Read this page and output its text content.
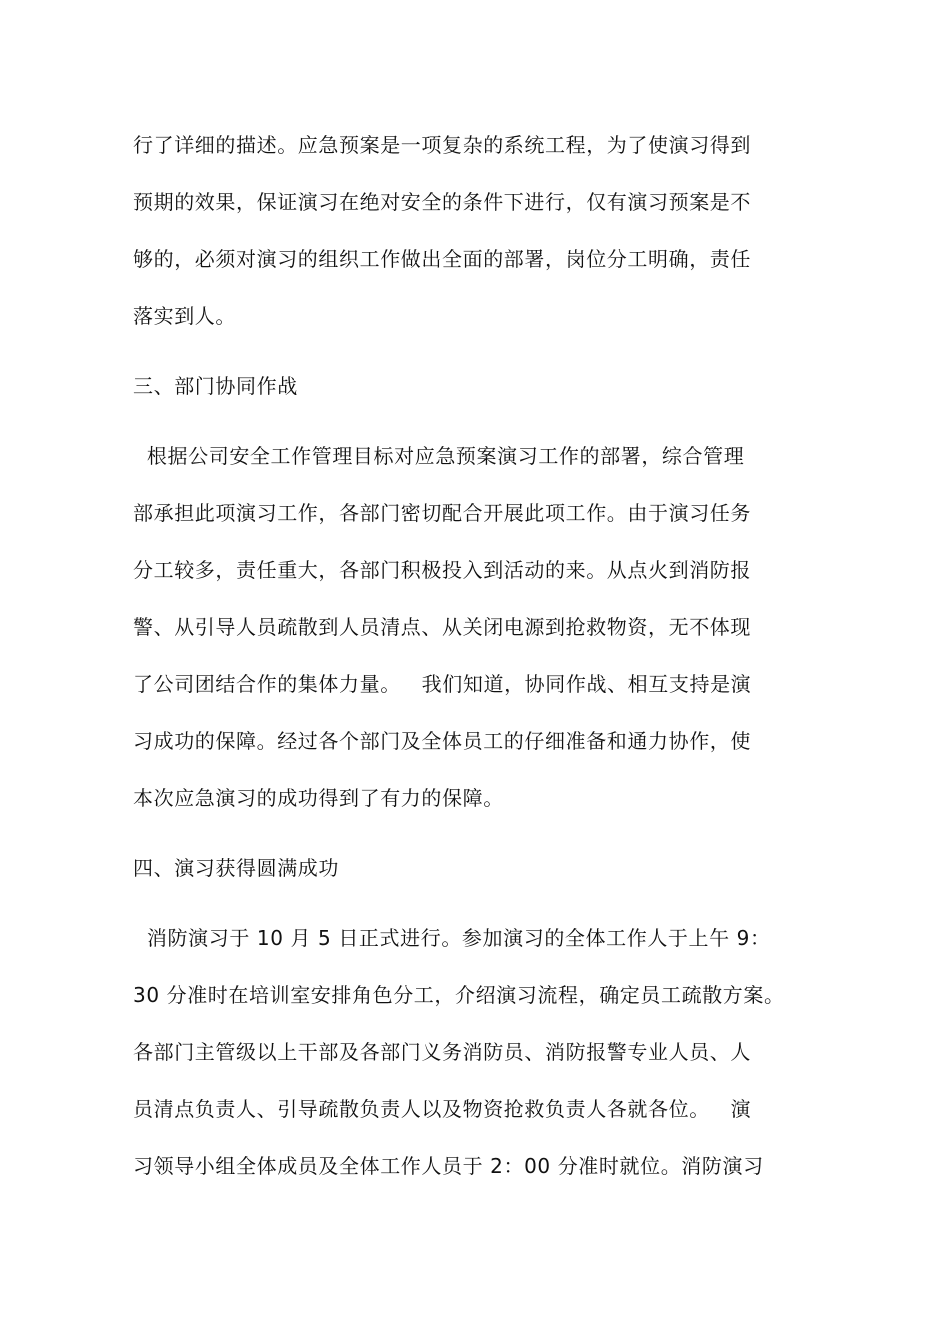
行了详细的描述。应急预案是一项复杂的系统工程，为了使演习得到
预期的效果，保证演习在绝对安全的条件下进行，仅有演习预案是不
够的，必须对演习的组织工作做出全面的部署，岗位分工明确，责任
落实到人。
三、部门协同作战
根据公司安全工作管理目标对应急预案演习工作的部署，综合管理
部承担此项演习工作，各部门密切配合开展此项工作。由于演习任务
分工较多，责任重大，各部门积极投入到活动的来。从点火到消防报
警、从引导人员疏散到人员清点、从关闭电源到抢救物资，无不体现
了公司团结合作的集体力量。   我们知道，协同作战、相互支持是演
习成功的保障。经过各个部门及全体员工的仔细准备和通力协作，使
本次应急演习的成功得到了有力的保障。
四、演习获得圆满成功
消防演习于 10 月 5 日正式进行。参加演习的全体工作人于上午 9：
30 分准时在培训室安排角色分工，介绍演习流程，确定员工疏散方案。
各部门主管级以上干部及各部门义务消防员、消防报警专业人员、人
员清点负责人、引导疏散负责人以及物资抢救负责人各就各位。   演
习领导小组全体成员及全体工作人员于 2：00 分准时就位。消防演习
